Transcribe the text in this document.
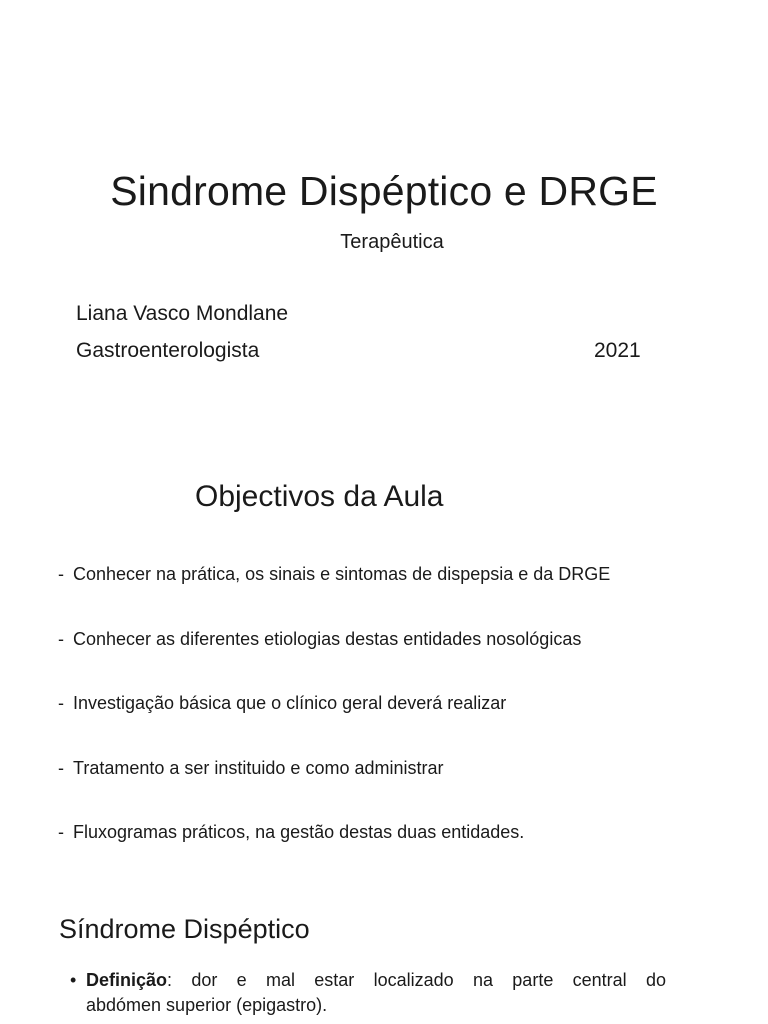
Sindrome Dispéptico e DRGE
Terapêutica
Liana Vasco Mondlane
Gastroenterologista	2021
Objectivos da Aula
- Conhecer na prática, os sinais e sintomas de dispepsia e da DRGE
- Conhecer as diferentes etiologias destas entidades nosológicas
- Investigação básica que o clínico geral deverá realizar
- Tratamento a ser instituido e como administrar
- Fluxogramas práticos, na gestão destas duas entidades.
Síndrome Dispéptico
• Definição: dor e mal estar localizado na parte central do
abdómen superior (epigastro).
